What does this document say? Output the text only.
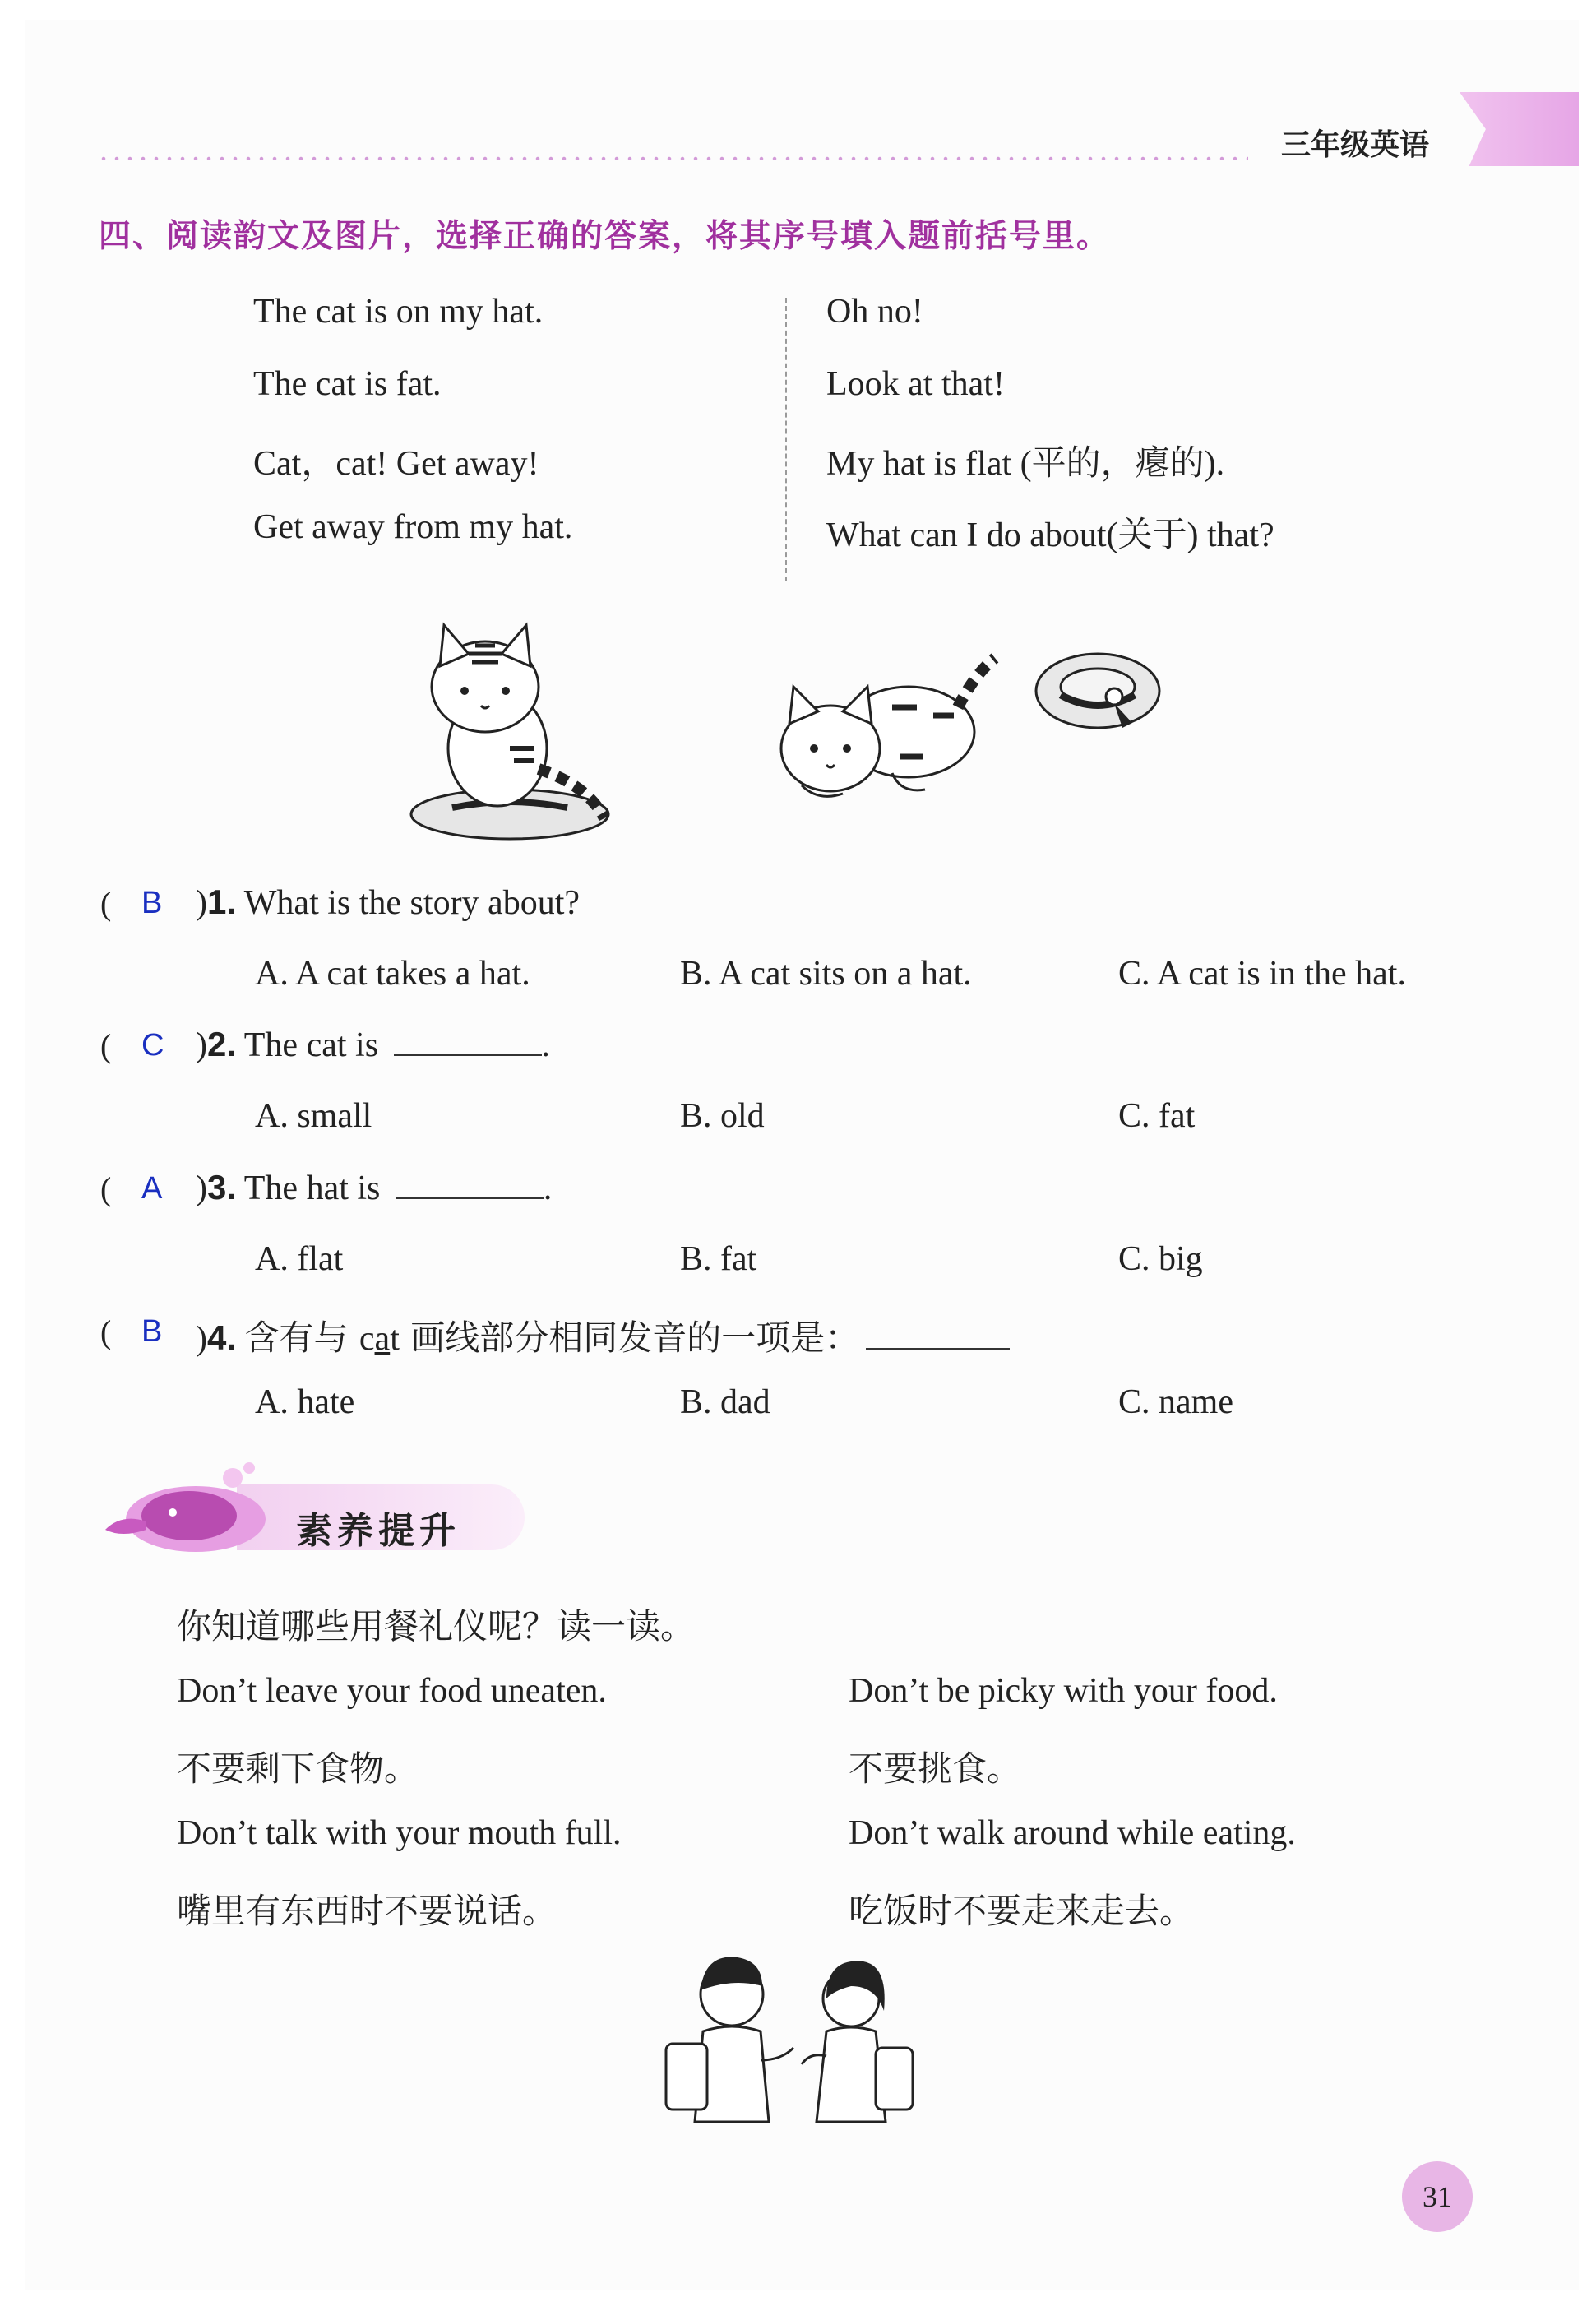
三年级英语
四、阅读韵文及图片，选择正确的答案，将其序号填入题前括号里。
The cat is on my hat.
The cat is fat.
Cat，cat! Get away!
Get away from my hat.
Oh no!
Look at that!
My hat is flat (平的，瘪的).
What can I do about(关于) that?
( B )1. What is the story about?
A. A cat takes a hat.	B. A cat sits on a hat.	C. A cat is in the hat.
( C )2. The cat is	.
A. small	B. old	C. fat
( A )3. The hat is	.
A. flat	B. fat	C. big
( B )4. 含有与 cat 画线部分相同发音的一项是：
A. hate	B. dad	C. name
素养提升
你知道哪些用餐礼仪呢？读一读。
Don’t leave your food uneaten.
不要剩下食物。
Don’t be picky with your food.
不要挑食。
Don’t talk with your mouth full.
嘴里有东西时不要说话。
Don’t walk around while eating.
吃饭时不要走来走去。
31
